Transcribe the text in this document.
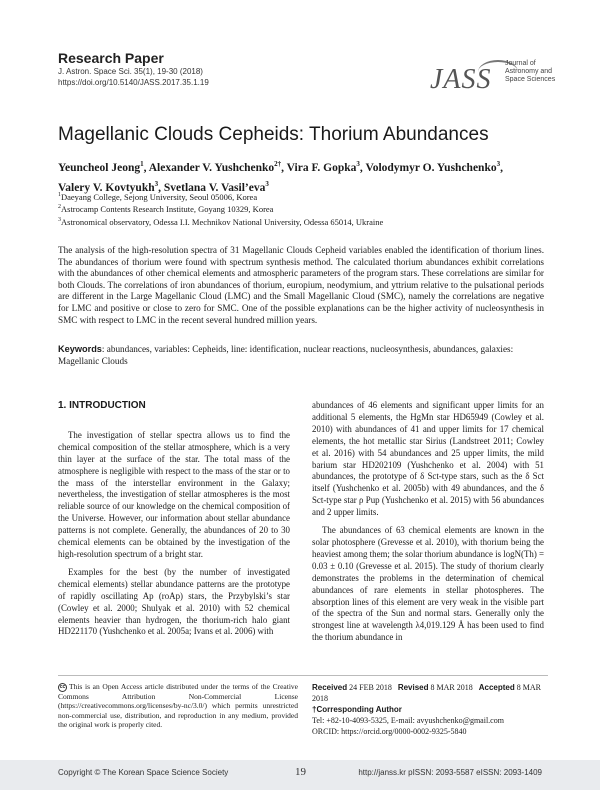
Research Paper
J. Astron. Space Sci. 35(1), 19-30 (2018)
https://doi.org/10.5140/JASS.2017.35.1.19	JASS
Journal of
Astronomy and
Space Sciences
Magellanic Clouds Cepheids: Thorium Abundances
Yeuncheol Jeong$^1$, Alexander V. Yushchenko$^{2\dagger}$, Vira F. Gopka$^3$, Volodymyr O. Yushchenko$^3$,
Valery V. Kovtyukh$^3$, Svetlana V. Vasil’eva$^3$
$^1$Daeyang College, Sejong University, Seoul 05006, Korea
$^2$Astrocamp Contents Research Institute, Goyang 10329, Korea
$^3$Astronomical observatory, Odessa I.I. Mechnikov National University, Odessa 65014, Ukraine
The analysis of the high-resolution spectra of 31 Magellanic Clouds Cepheid variables enabled the identification of thorium lines. The abundances of thorium were found with spectrum synthesis method. The calculated thorium abundances exhibit correlations with the abundances of other chemical elements and atmospheric parameters of the program stars. These correlations are similar for both Clouds. The correlations of iron abundances of thorium, europium, neodymium, and yttrium relative to the pulsational periods are different in the Large Magellanic Cloud (LMC) and the Small Magellanic Cloud (SMC), namely the correlations are negative for LMC and positive or close to zero for SMC. One of the possible explanations can be the higher activity of nucleosynthesis in SMC with respect to LMC in the recent several hundred million years.
Keywords: abundances, variables: Cepheids, line: identification, nuclear reactions, nucleosynthesis, abundances, galaxies: Magellanic Clouds
1. INTRODUCTION

The investigation of stellar spectra allows us to find the chemical composition of the stellar atmosphere, which is a very thin layer at the surface of the star. The total mass of the atmosphere is negligible with respect to the mass of the star or to the mass of the interstellar environment in the Galaxy; nevertheless, the investigation of stellar atmospheres is the most reliable source of our knowledge on the chemical composition of the Universe. However, our information about stellar abundance patterns is not complete. Generally, the abundances of 20 to 30 chemical elements can be obtained by the investigation of the high-resolution spectrum of a bright star.

Examples for the best (by the number of investigated chemical elements) stellar abundance patterns are the prototype of rapidly oscillating Ap (roAp) stars, the Przybylski’s star (Cowley et al. 2000; Shulyak et al. 2010) with 52 chemical elements heavier than hydrogen, the thorium-rich halo giant HD221170 (Yushchenko et al. 2005a; Ivans et al. 2006) with

abundances of 46 elements and significant upper limits for an additional 5 elements, the HgMn star HD65949 (Cowley et al. 2010) with abundances of 41 and upper limits for 17 chemical elements, the hot metallic star Sirius (Landstreet 2011; Cowley et al. 2016) with 54 abundances and 25 upper limits, the mild barium star HD202109 (Yushchenko et al. 2004) with 51 abundances, the prototype of δ Sct-type stars, such as the δ Sct itself (Yushchenko et al. 2005b) with 49 abundances, and the δ Sct-type star ρ Pup (Yushchenko et al. 2015) with 56 abundances and 2 upper limits.

The abundances of 63 chemical elements are known in the solar photosphere (Grevesse et al. 2010), with thorium being the heaviest among them; the solar thorium abundance is logN(Th) = 0.03 ± 0.10 (Grevesse et al. 2015). The study of thorium clearly demonstrates the problems in the determination of chemical abundances of rare elements in stellar photospheres. The absorption lines of this element are very weak in the visible part of the spectra of the Sun and normal stars. Generally only the strongest line at wavelength λ4,019.129 Å has been used to find the thorium abundance in

cc This is an Open Access article distributed under the terms of the Creative Commons Attribution Non-Commercial License (https://creativecommons.org/licenses/by-nc/3.0/) which permits unrestricted non-commercial use, distribution, and reproduction in any medium, provided the original work is properly cited.
Received 24 FEB 2018 Revised 8 MAR 2018 Accepted 8 MAR 2018
†Corresponding Author
Tel: +82-10-4093-5325, E-mail: avyushchenko@gmail.com
ORCID: https://orcid.org/0000-0002-9325-5840
Copyright © The Korean Space Science Society	19	http://janss.kr pISSN: 2093-5587 eISSN: 2093-1409
